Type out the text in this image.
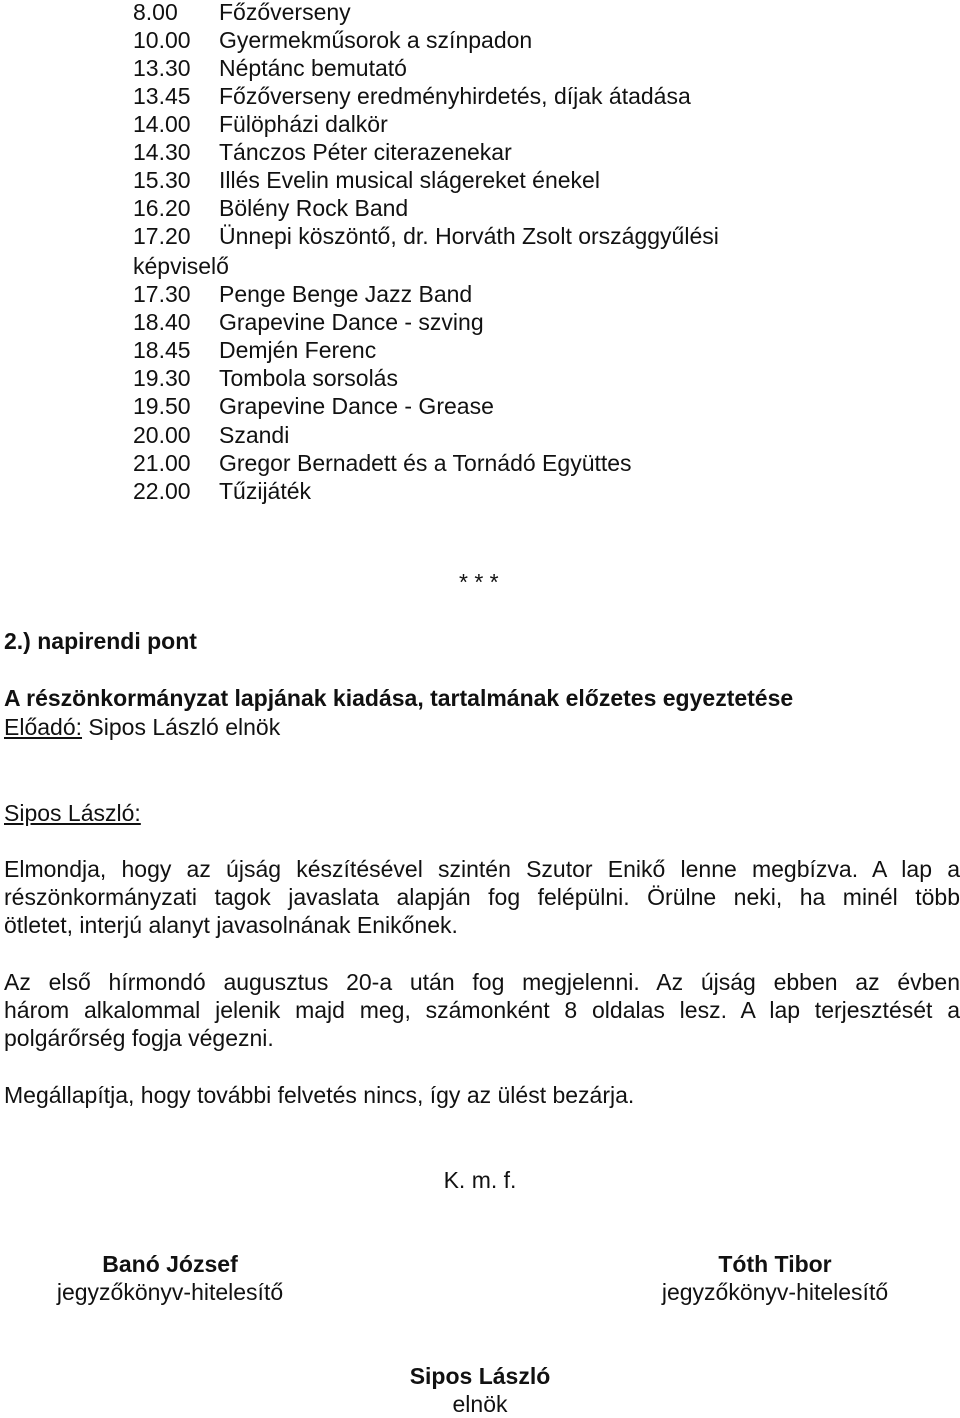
8.00 Főzőverseny
10.00 Gyermekműsorok a színpadon
13.30 Néptánc bemutató
13.45 Főzőverseny eredményhirdetés, díjak átadása
14.00 Fülöpházi dalkör
14.30 Tánczos Péter citerazenekar
15.30 Illés Evelin musical slágereket énekel
16.20 Bölény Rock Band
17.20 Ünnepi köszöntő, dr. Horváth Zsolt országgyűlési
képviselő
17.30 Penge Benge Jazz Band
18.40 Grapevine Dance - szving
18.45 Demjén Ferenc
19.30 Tombola sorsolás
19.50 Grapevine Dance - Grease
20.00 Szandi
21.00 Gregor Bernadett és a Tornádó Együttes
22.00 Tűzijáték
* * *
2.) napirendi pont
A részönkormányzat lapjának kiadása, tartalmának előzetes egyeztetése
Előadó: Sipos László elnök
Sipos László:
Elmondja, hogy az újság készítésével szintén Szutor Enikő lenne megbízva. A lap a
részönkormányzati tagok javaslata alapján fog felépülni. Örülne neki, ha minél több
ötletet, interjú alanyt javasolnának Enikőnek.
Az első hírmondó augusztus 20-a után fog megjelenni. Az újság ebben az évben
három alkalommal jelenik majd meg, számonként 8 oldalas lesz. A lap terjesztését a
polgárőrség fogja végezni.
Megállapítja, hogy további felvetés nincs, így az ülést bezárja.
K. m. f.
Banó József
jegyzőkönyv-hitelesítő
Tóth Tibor
jegyzőkönyv-hitelesítő
Sipos László
elnök
